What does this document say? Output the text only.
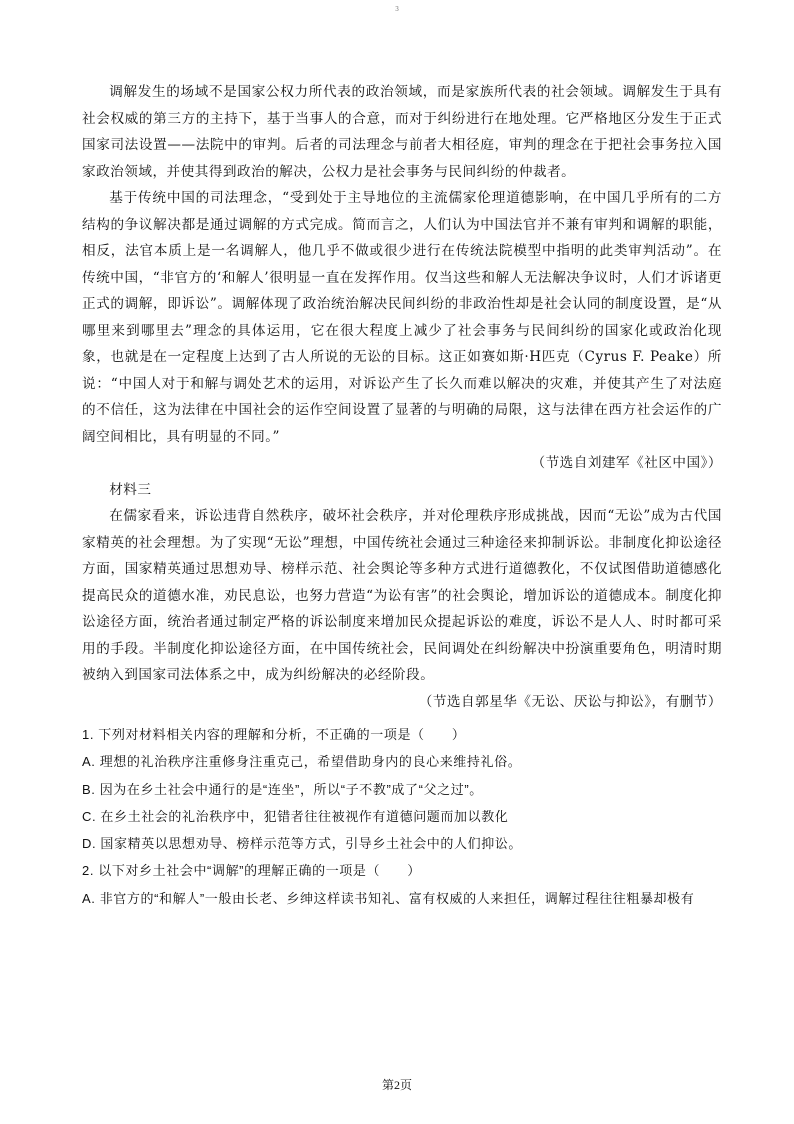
3

调解发生的场域不是国家公权力所代表的政治领域，而是家族所代表的社会领域。调解发生于具有社会权威的第三方的主持下，基于当事人的合意，而对于纠纷进行在地处理。它严格地区分发生于正式国家司法设置——法院中的审判。后者的司法理念与前者大相径庭，审判的理念在于把社会事务拉入国家政治领域，并使其得到政治的解决，公权力是社会事务与民间纠纷的仲裁者。

基于传统中国的司法理念，“受到处于主导地位的主流儒家伦理道德影响，在中国几乎所有的二方结构的争议解决都是通过调解的方式完成。简而言之，人们认为中国法官并不兼有审判和调解的职能，相反，法官本质上是一名调解人，他几乎不做或很少进行在传统法院模型中指明的此类审判活动”。在传统中国，“非官方的‘和解人’很明显一直在发挥作用。仅当这些和解人无法解决争议时，人们才诉诸更正式的调解，即诉讼”。调解体现了政治统治解决民间纠纷的非政治性却是社会认同的制度设置，是“从哪里来到哪里去”理念的具体运用，它在很大程度上减少了社会事务与民间纠纷的国家化或政治化现象，也就是在一定程度上达到了古人所说的无讼的目标。这正如赛如斯·H匹克（Cyrus F. Peake）所说：“中国人对于和解与调处艺术的运用，对诉讼产生了长久而难以解决的灾难，并使其产生了对法庭的不信任，这为法律在中国社会的运作空间设置了显著的与明确的局限，这与法律在西方社会运作的广阔空间相比，具有明显的不同。”

（节选自刘建军《社区中国》）

材料三

在儒家看来，诉讼违背自然秩序，破坏社会秩序，并对伦理秩序形成挑战，因而“无讼”成为古代国家精英的社会理想。为了实现“无讼”理想，中国传统社会通过三种途径来抑制诉讼。非制度化抑讼途径方面，国家精英通过思想劝导、榜样示范、社会舆论等多种方式进行道德教化，不仅试图借助道德感化提高民众的道德水准，劝民息讼，也努力营造“为讼有害”的社会舆论，增加诉讼的道德成本。制度化抑讼途径方面，统治者通过制定严格的诉讼制度来增加民众提起诉讼的难度，诉讼不是人人、时时都可采用的手段。半制度化抑讼途径方面，在中国传统社会，民间调处在纠纷解决中扮演重要角色，明清时期被纳入到国家司法体系之中，成为纠纷解决的必经阶段。

（节选自郭星华《无讼、厌讼与抑讼》，有删节）

1. 下列对材料相关内容的理解和分析，不正确的一项是（　　）

A. 理想的礼治秩序注重修身注重克己，希望借助身内的良心来维持礼俗。

B. 因为在乡土社会中通行的是“连坐”，所以“子不教”成了“父之过”。

C. 在乡土社会的礼治秩序中，犯错者往往被视作有道德问题而加以教化

D. 国家精英以思想劝导、榜样示范等方式，引导乡土社会中的人们抑讼。

2. 以下对乡土社会中“调解”的理解正确的一项是（　　）

A. 非官方的“和解人”一般由长老、乡绅这样读书知礼、富有权威的人来担任，调解过程往往粗暴却极有

第2页
